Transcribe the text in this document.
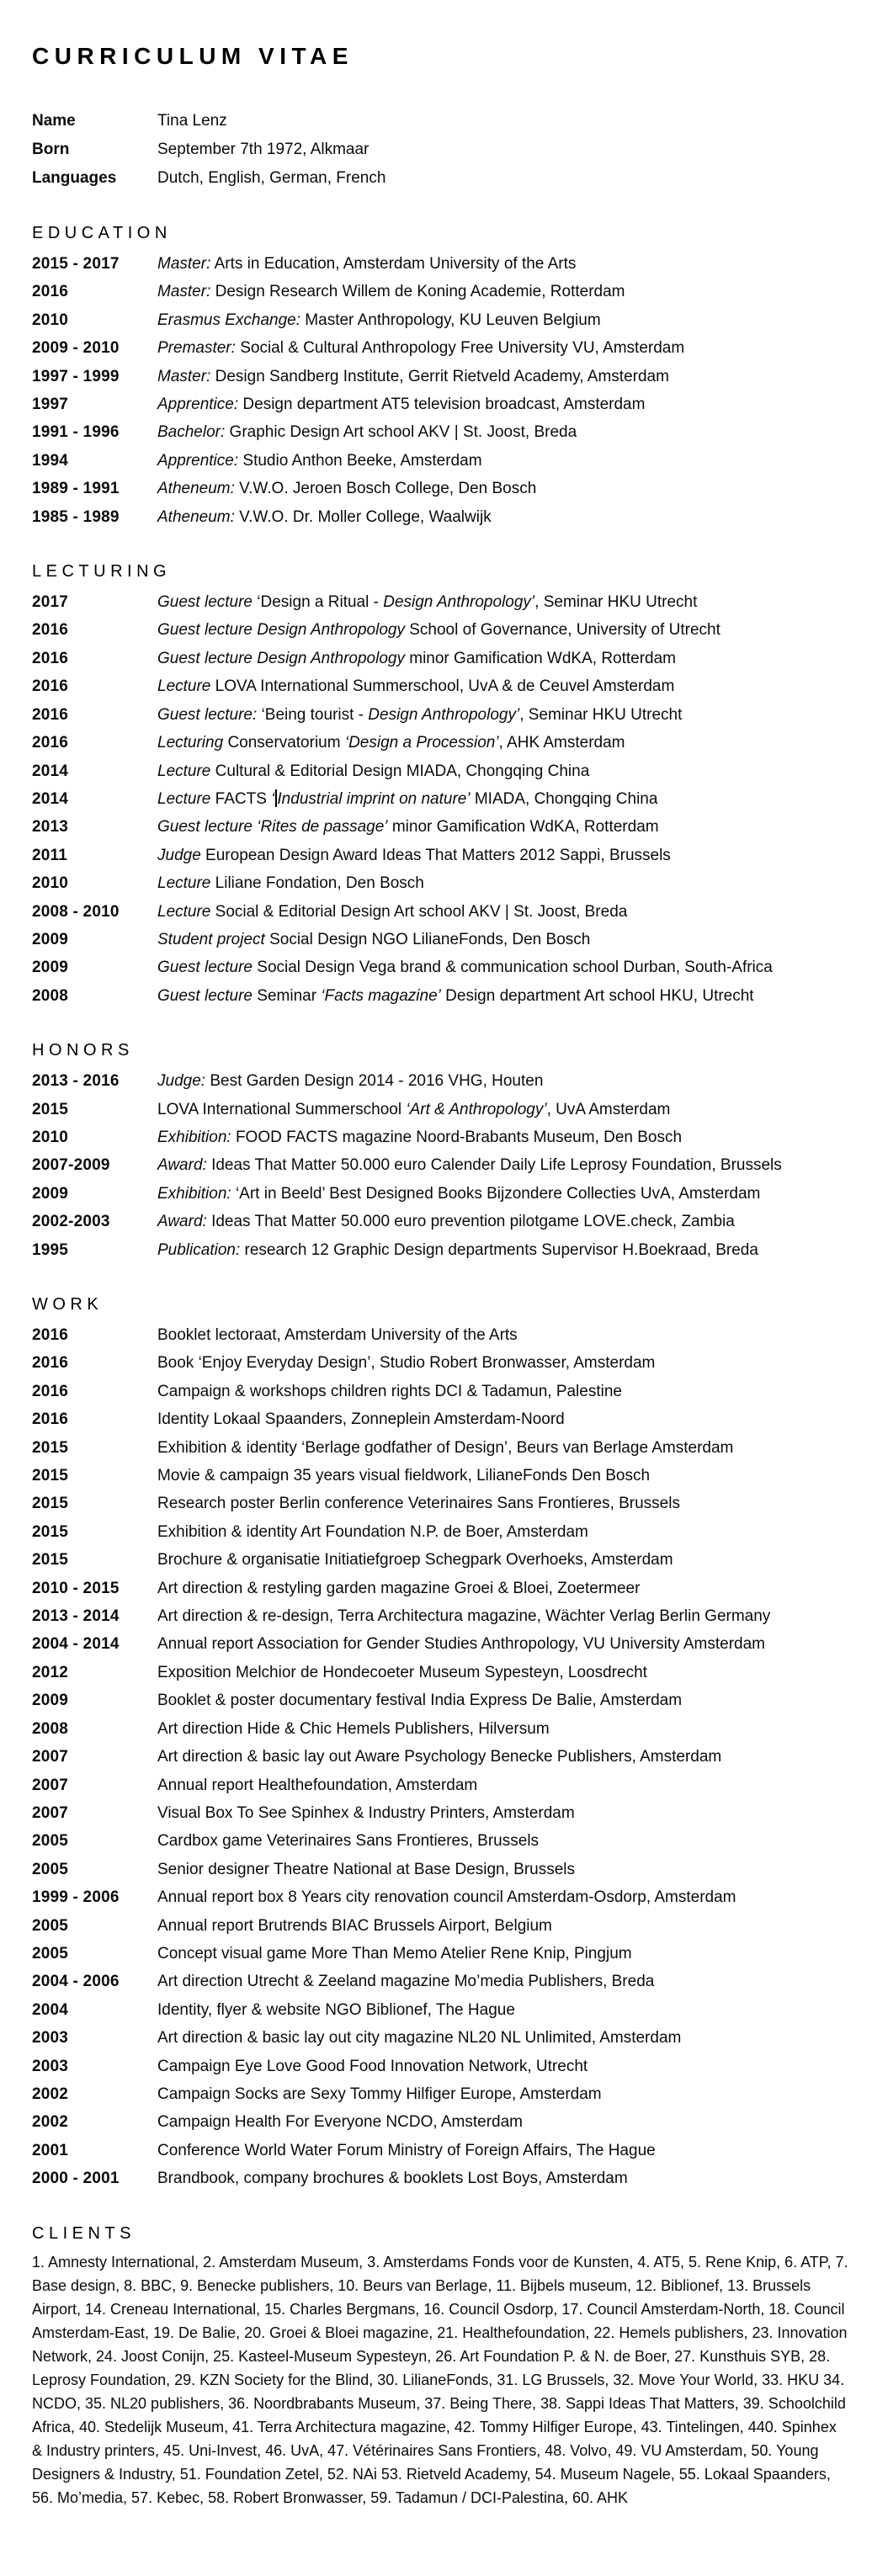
CURRICULUM VITAE
Name	Tina Lenz
Born	September 7th 1972, Alkmaar
Languages	Dutch, English, German, French
EDUCATION
2015 - 2017	Master: Arts in Education, Amsterdam University of the Arts
2016	Master: Design Research Willem de Koning Academie, Rotterdam
2010	Erasmus Exchange: Master Anthropology, KU Leuven Belgium
2009 - 2010	Premaster: Social & Cultural Anthropology Free University VU, Amsterdam
1997 - 1999	Master: Design Sandberg Institute, Gerrit Rietveld Academy, Amsterdam
1997	Apprentice: Design department AT5 television broadcast, Amsterdam
1991 - 1996	Bachelor: Graphic Design Art school AKV | St. Joost, Breda
1994	Apprentice: Studio Anthon Beeke, Amsterdam
1989 - 1991	Atheneum: V.W.O. Jeroen Bosch College, Den Bosch
1985 - 1989	Atheneum: V.W.O. Dr. Moller College, Waalwijk
LECTURING
2017	Guest lecture ‘Design a Ritual - Design Anthropology’, Seminar HKU Utrecht
2016	Guest lecture Design Anthropology School of Governance, University of Utrecht
2016	Guest lecture Design Anthropology minor Gamification WdKA, Rotterdam
2016	Lecture LOVA International Summerschool, UvA & de Ceuvel Amsterdam
2016	Guest lecture: ‘Being tourist - Design Anthropology’, Seminar HKU Utrecht
2016	Lecturing Conservatorium ‘Design a Procession’, AHK Amsterdam
2014	Lecture Cultural & Editorial Design MIADA, Chongqing China
2014	Lecture FACTS ‘ Industrial imprint on nature’ MIADA, Chongqing China
2013	Guest lecture ‘Rites de passage’ minor Gamification WdKA, Rotterdam
2011	Judge European Design Award Ideas That Matters 2012 Sappi, Brussels
2010	Lecture Liliane Fondation, Den Bosch
2008 - 2010	Lecture Social & Editorial Design Art school AKV | St. Joost, Breda
2009	Student project Social Design NGO LilianeFonds, Den Bosch
2009	Guest lecture Social Design Vega brand & communication school Durban, South-Africa
2008	Guest lecture Seminar ‘Facts magazine’ Design department Art school HKU, Utrecht
HONORS
2013 - 2016	Judge: Best Garden Design 2014 - 2016 VHG, Houten
2015	LOVA International Summerschool ‘Art & Anthropology’, UvA Amsterdam
2010	Exhibition: FOOD FACTS magazine Noord-Brabants Museum, Den Bosch
2007-2009	Award: Ideas That Matter 50.000 euro Calender Daily Life Leprosy Foundation, Brussels
2009	Exhibition: ‘Art in Beeld’ Best Designed Books Bijzondere Collecties UvA, Amsterdam
2002-2003	Award: Ideas That Matter 50.000 euro prevention pilotgame LOVE.check, Zambia
1995	Publication: research 12 Graphic Design departments Supervisor H.Boekraad, Breda
WORK
2016	Booklet lectoraat, Amsterdam University of the Arts
2016	Book ‘Enjoy Everyday Design’, Studio Robert Bronwasser, Amsterdam
2016	Campaign & workshops children rights DCI & Tadamun, Palestine
2016	Identity Lokaal Spaanders, Zonneplein Amsterdam-Noord
2015	Exhibition & identity ‘Berlage godfather of Design’, Beurs van Berlage Amsterdam
2015	Movie & campaign 35 years visual fieldwork, LilianeFonds Den Bosch
2015	Research poster Berlin conference Veterinaires Sans Frontieres, Brussels
2015	Exhibition & identity Art Foundation N.P. de Boer, Amsterdam
2015	Brochure & organisatie Initiatiefgroep Schegpark Overhoeks, Amsterdam
2010 - 2015	Art direction & restyling garden magazine Groei & Bloei, Zoetermeer
2013 - 2014	Art direction & re-design, Terra Architectura magazine, Wächter Verlag Berlin Germany
2004 - 2014	Annual report Association for Gender Studies Anthropology, VU University Amsterdam
2012	Exposition Melchior de Hondecoeter Museum Sypesteyn, Loosdrecht
2009	Booklet & poster documentary festival India Express De Balie, Amsterdam
2008	Art direction Hide & Chic Hemels Publishers, Hilversum
2007	Art direction & basic lay out Aware Psychology Benecke Publishers, Amsterdam
2007	Annual report Healthefoundation, Amsterdam
2007	Visual Box To See Spinhex & Industry Printers, Amsterdam
2005	Cardbox game Veterinaires Sans Frontieres, Brussels
2005	Senior designer Theatre National at Base Design, Brussels
1999 - 2006	Annual report box 8 Years city renovation council Amsterdam-Osdorp, Amsterdam
2005	Annual report Brutrends BIAC Brussels Airport, Belgium
2005	Concept visual game More Than Memo Atelier Rene Knip, Pingjum
2004 - 2006	Art direction Utrecht & Zeeland magazine Mo’media Publishers, Breda
2004	Identity, flyer & website NGO Biblionef, The Hague
2003	Art direction & basic lay out city magazine NL20 NL Unlimited, Amsterdam
2003	Campaign Eye Love Good Food Innovation Network, Utrecht
2002	Campaign Socks are Sexy Tommy Hilfiger Europe, Amsterdam
2002	Campaign Health For Everyone NCDO, Amsterdam
2001	Conference World Water Forum Ministry of Foreign Affairs, The Hague
2000 - 2001	Brandbook, company brochures & booklets Lost Boys, Amsterdam
CLIENTS
1. Amnesty International, 2. Amsterdam Museum, 3. Amsterdams Fonds voor de Kunsten, 4. AT5, 5. Rene Knip, 6. ATP, 7. Base design, 8. BBC, 9. Benecke publishers, 10. Beurs van Berlage, 11. Bijbels museum, 12. Biblionef, 13. Brussels Airport, 14. Creneau International, 15. Charles Bergmans, 16. Council Osdorp, 17. Council Amsterdam-North, 18. Council Amsterdam-East, 19. De Balie, 20. Groei & Bloei magazine, 21. Healthefoundation, 22. Hemels publishers, 23. Innovation Network, 24. Joost Conijn, 25. Kasteel-Museum Sypesteyn, 26. Art Foundation P. & N. de Boer, 27. Kunsthuis SYB, 28. Leprosy Foundation, 29. KZN Society for the Blind, 30. LilianeFonds, 31. LG Brussels, 32. Move Your World, 33. HKU 34. NCDO, 35. NL20 publishers, 36. Noordbrabants Museum, 37. Being There, 38. Sappi Ideas That Matters, 39. Schoolchild Africa, 40. Stedelijk Museum, 41. Terra Architectura magazine, 42. Tommy Hilfiger Europe, 43. Tintelingen, 440. Spinhex & Industry printers, 45. Uni-Invest, 46. UvA, 47. Vétérinaires Sans Frontiers, 48. Volvo, 49. VU Amsterdam, 50. Young Designers & Industry, 51. Foundation Zetel, 52. NAi 53. Rietveld Academy, 54. Museum Nagele, 55. Lokaal Spaanders, 56. Mo’media, 57. Kebec, 58. Robert Bronwasser, 59. Tadamun / DCI-Palestina, 60. AHK
